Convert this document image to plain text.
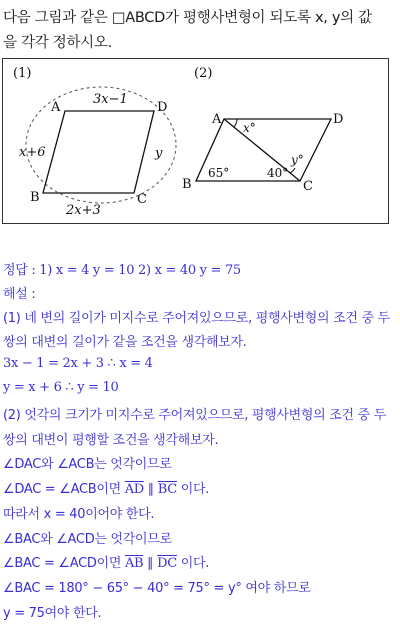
다음 그림과 같은 □ABCD가 평행사변형이 되도록 x, y의 값
을 각각 정하시오.
(1)
A
B	C
D
3x−1
x+6
2x+3
y
(2)
A
B	C
D
x°
y°
65°	40°
정답 : 1) x = 4 y = 10 2) x = 40 y = 75
해설 :
(1) 네 변의 길이가 미지수로 주어져있으므로, 평행사변형의 조건 중 두
쌍의 대변의 길이가 같을 조건을 생각해보자.
3x − 1 = 2x + 3 ∴ x = 4
y = x + 6 ∴ y = 10
(2) 엇각의 크기가 미지수로 주어져있으므로, 평행사변형의 조건 중 두
쌍의 대변이 평행할 조건을 생각해보자.
∠DAC와 ∠ACB는 엇각이므로
∠DAC = ∠ACB이면 $\overline{AD}$ ∥ $\overline{BC}$ 이다.
따라서 x = 40이어야 한다.
∠BAC와 ∠ACD는 엇각이므로
∠BAC = ∠ACD이면 $\overline{AB}$ ∥ $\overline{DC}$ 이다.
∠BAC = 180° − 65° − 40° = 75° = y° 여야 하므로
y = 75여야 한다.
